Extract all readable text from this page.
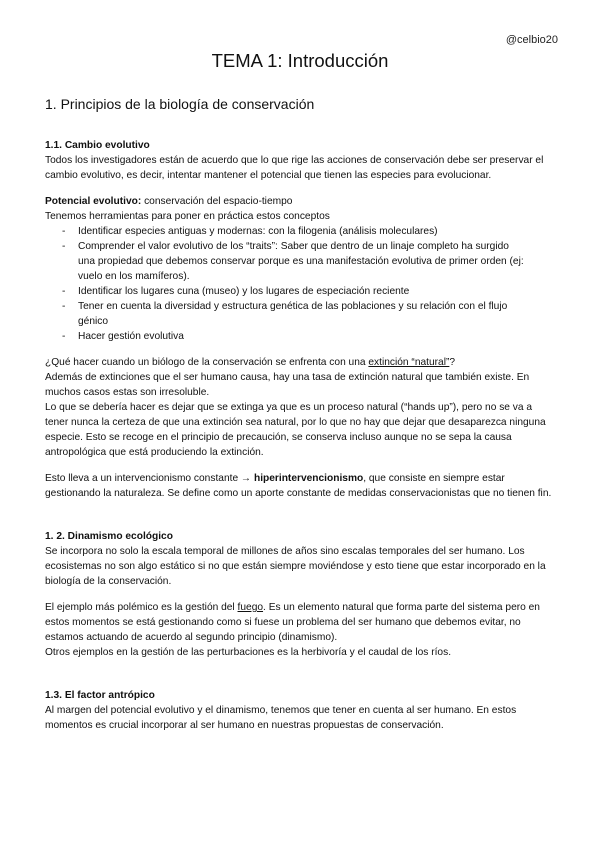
@celbio20
TEMA 1: Introducción
1. Principios de la biología de conservación

1.1. Cambio evolutivo

Todos los investigadores están de acuerdo que lo que rige las acciones de conservación debe ser preservar el cambio evolutivo, es decir, intentar mantener el potencial que tienen las especies para evolucionar.

Potencial evolutivo: conservación del espacio-tiempo

Tenemos herramientas para poner en práctica estos conceptos

- Identificar especies antiguas y modernas: con la filogenia (análisis moleculares)
- Comprender el valor evolutivo de los “traits”: Saber que dentro de un linaje completo ha surgido una propiedad que debemos conservar porque es una manifestación evolutiva de primer orden (ej: vuelo en los mamíferos).
- Identificar los lugares cuna (museo) y los lugares de especiación reciente
- Tener en cuenta la diversidad y estructura genética de las poblaciones y su relación con el flujo génico
- Hacer gestión evolutiva

¿Qué hacer cuando un biólogo de la conservación se enfrenta con una extinción “natural”?

Además de extinciones que el ser humano causa, hay una tasa de extinción natural que también existe. En muchos casos estas son irresoluble.

Lo que se debería hacer es dejar que se extinga ya que es un proceso natural (“hands up”), pero no se va a tener nunca la certeza de que una extinción sea natural, por lo que no hay que dejar que desaparezca ninguna especie. Esto se recoge en el principio de precaución, se conserva incluso aunque no se sepa la causa antropológica que está produciendo la extinción.

Esto lleva a un intervencionismo constante → hiperintervencionismo, que consiste en siempre estar gestionando la naturaleza. Se define como un aporte constante de medidas conservacionistas que no tienen fin.

1. 2. Dinamismo ecológico

Se incorpora no solo la escala temporal de millones de años sino escalas temporales del ser humano. Los ecosistemas no son algo estático si no que están siempre moviéndose y esto tiene que estar incorporado en la biología de la conservación.

El ejemplo más polémico es la gestión del fuego. Es un elemento natural que forma parte del sistema pero en estos momentos se está gestionando como si fuese un problema del ser humano que debemos evitar, no estamos actuando de acuerdo al segundo principio (dinamismo).

Otros ejemplos en la gestión de las perturbaciones es la herbivoría y el caudal de los ríos.

1.3. El factor antrópico

Al margen del potencial evolutivo y el dinamismo, tenemos que tener en cuenta al ser humano. En estos momentos es crucial incorporar al ser humano en nuestras propuestas de conservación.
